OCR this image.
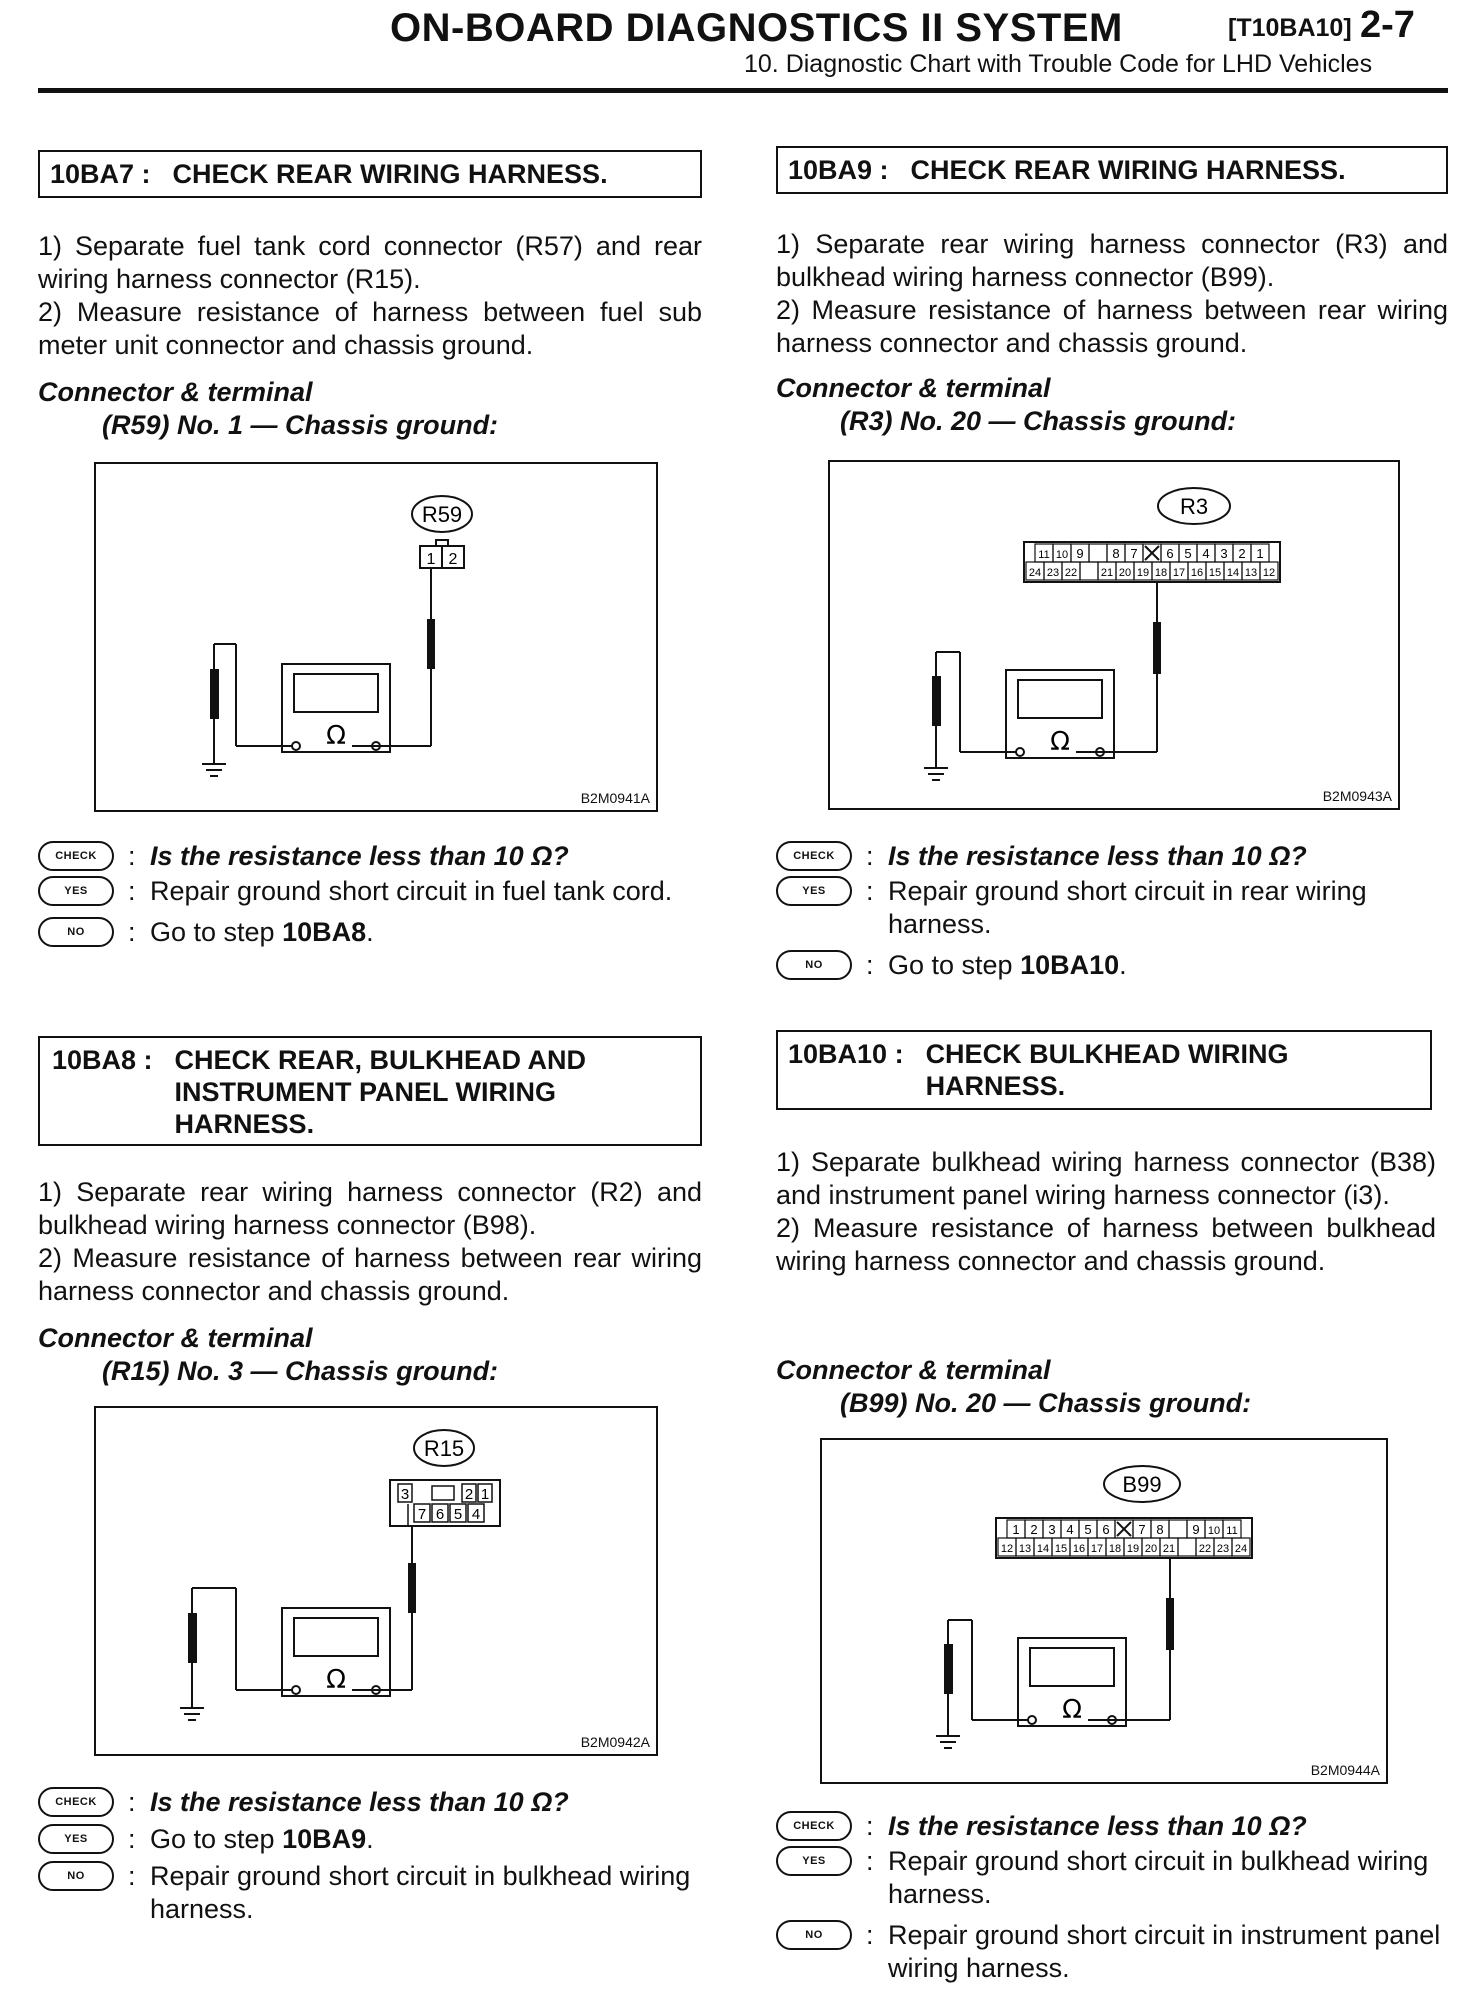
ON-BOARD DIAGNOSTICS II SYSTEM	[T10BA10] 2-7
10. Diagnostic Chart with Trouble Code for LHD Vehicles
10BA7 : CHECK REAR WIRING HARNESS.
1) Separate fuel tank cord connector (R57) and rear wiring harness connector (R15).
2) Measure resistance of harness between fuel sub meter unit connector and chassis ground.
Connector & terminal
(R59) No. 1 — Chassis ground:
R59
1 2
Ω
B2M0941A
CHECK	: Is the resistance less than 10 Ω?
YES	: Repair ground short circuit in fuel tank cord.
NO	: Go to step 10BA8.
10BA8 : CHECK REAR, BULKHEAD AND INSTRUMENT PANEL WIRING HARNESS.
1) Separate rear wiring harness connector (R2) and bulkhead wiring harness connector (B98).
2) Measure resistance of harness between rear wiring harness connector and chassis ground.
Connector & terminal
(R15) No. 3 — Chassis ground:
R15
3	2 1
7 6 5 4
Ω
B2M0942A
CHECK	: Is the resistance less than 10 Ω?
YES	: Go to step 10BA9.
NO	: Repair ground short circuit in bulkhead wiring harness.
10BA9 : CHECK REAR WIRING HARNESS.
1) Separate rear wiring harness connector (R3) and bulkhead wiring harness connector (B99).
2) Measure resistance of harness between rear wiring harness connector and chassis ground.
Connector & terminal
(R3) No. 20 — Chassis ground:
R3
11 10 9 8 7 6 5 4 3 2 1
24 23 22 21 20 19 18 17 16 15 14 13 12
Ω
B2M0943A
CHECK	: Is the resistance less than 10 Ω?
YES	: Repair ground short circuit in rear wiring harness.
NO	: Go to step 10BA10.
10BA10 : CHECK BULKHEAD WIRING HARNESS.
1) Separate bulkhead wiring harness connector (B38) and instrument panel wiring harness connector (i3).
2) Measure resistance of harness between bulkhead wiring harness connector and chassis ground.
Connector & terminal
(B99) No. 20 — Chassis ground:
B99
1 2 3 4 5 6 7 8 9 10 11
12 13 14 15 16 17 18 19 20 21 22 23 24
Ω
B2M0944A
CHECK	: Is the resistance less than 10 Ω?
YES	: Repair ground short circuit in bulkhead wiring harness.
NO	: Repair ground short circuit in instrument panel wiring harness.
